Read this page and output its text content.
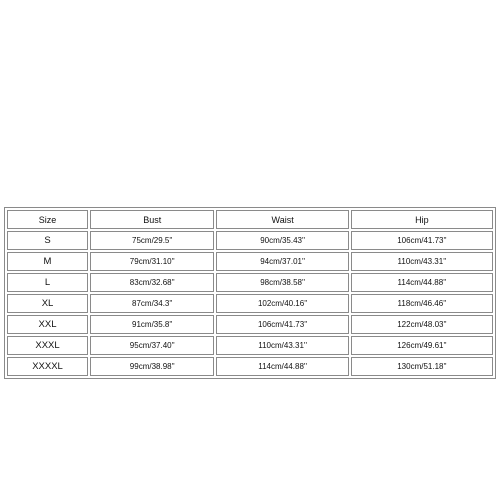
Size	Bust	Waist	Hip
S	75cm/29.5''	90cm/35.43''	106cm/41.73''
M	79cm/31.10''	94cm/37.01''	110cm/43.31''
L	83cm/32.68''	98cm/38.58''	114cm/44.88''
XL	87cm/34.3''	102cm/40.16''	118cm/46.46''
XXL	91cm/35.8''	106cm/41.73''	122cm/48.03''
XXXL	95cm/37.40''	110cm/43.31''	126cm/49.61''
XXXXL	99cm/38.98''	114cm/44.88''	130cm/51.18''
